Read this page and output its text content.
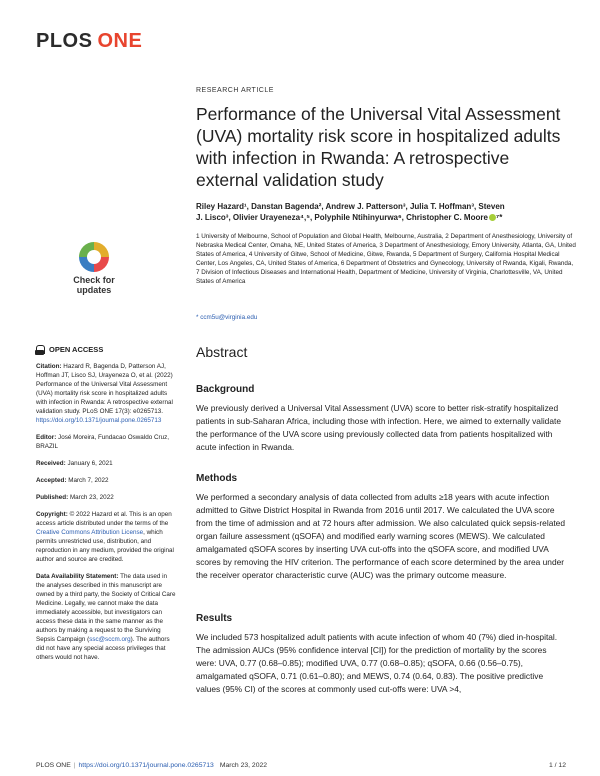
PLOS ONE
Check for
updates
OPEN ACCESS

Citation: Hazard R, Bagenda D, Patterson AJ, Hoffman JT, Lisco SJ, Urayeneza O, et al. (2022) Performance of the Universal Vital Assessment (UVA) mortality risk score in hospitalized adults with infection in Rwanda: A retrospective external validation study. PLoS ONE 17(3): e0265713. https://doi.org/10.1371/journal.pone.0265713

Editor: José Moreira, Fundacao Oswaldo Cruz, BRAZIL

Received: January 6, 2021

Accepted: March 7, 2022

Published: March 23, 2022

Copyright: © 2022 Hazard et al. This is an open access article distributed under the terms of the Creative Commons Attribution License, which permits unrestricted use, distribution, and reproduction in any medium, provided the original author and source are credited.

Data Availability Statement: The data used in the analyses described in this manuscript are owned by a third party, the Society of Critical Care Medicine. Legally, we cannot make the data immediately accessible, but investigators can access these data in the same manner as the authors by making a request to the Surviving Sepsis Campaign (ssc@sccm.org). The authors did not have any special access privileges that others would not have.

RESEARCH ARTICLE
Performance of the Universal Vital Assessment (UVA) mortality risk score in hospitalized adults with infection in Rwanda: A retrospective external validation study
Riley Hazard¹, Danstan Bagenda², Andrew J. Patterson³, Julia T. Hoffman³, Steven
J. Lisco³, Olivier Urayeneza⁴,⁵, Polyphile Ntihinyurwa⁶, Christopher C. Moore ⁷*
1 University of Melbourne, School of Population and Global Health, Melbourne, Australia, 2 Department of Anesthesiology, University of Nebraska Medical Center, Omaha, NE, United States of America, 3 Department of Anesthesiology, Emory University, Atlanta, GA, United States of America, 4 University of Gitwe, School of Medicine, Gitwe, Rwanda, 5 Department of Surgery, California Hospital Medical Center, Los Angeles, CA, United States of America, 6 Department of Obstetrics and Gynecology, University of Rwanda, Kigali, Rwanda, 7 Division of Infectious Diseases and International Health, Department of Medicine, University of Virginia, Charlottesville, VA, United States of America
* ccm5u@virginia.edu
Abstract
Background

We previously derived a Universal Vital Assessment (UVA) score to better risk-stratify hospitalized patients in sub-Saharan Africa, including those with infection. Here, we aimed to externally validate the performance of the UVA score using previously collected data from patients hospitalized with acute infection in Rwanda.

Methods

We performed a secondary analysis of data collected from adults ≥18 years with acute infection admitted to Gitwe District Hospital in Rwanda from 2016 until 2017. We calculated the UVA score from the time of admission and at 72 hours after admission. We also calculated quick sepsis-related organ failure assessment (qSOFA) and modified early warning scores (MEWS). We calculated amalgamated qSOFA scores by inserting UVA cut-offs into the qSOFA score, and modified UVA scores by removing the HIV criterion. The performance of each score determined by the area under the receiver operator characteristic curve (AUC) was the primary outcome measure.

Results

We included 573 hospitalized adult patients with acute infection of whom 40 (7%) died in-hospital. The admission AUCs (95% confidence interval [CI]) for the prediction of mortality by the scores were: UVA, 0.77 (0.68–0.85); modified UVA, 0.77 (0.68–0.85); qSOFA, 0.66 (0.56–0.75), amalgamated qSOFA, 0.71 (0.61–0.80); and MEWS, 0.74 (0.64, 0.83). The positive predictive values (95% CI) of the scores at commonly used cut-offs were: UVA >4,

PLOS ONE | https://doi.org/10.1371/journal.pone.0265713 March 23, 2022	1 / 12
